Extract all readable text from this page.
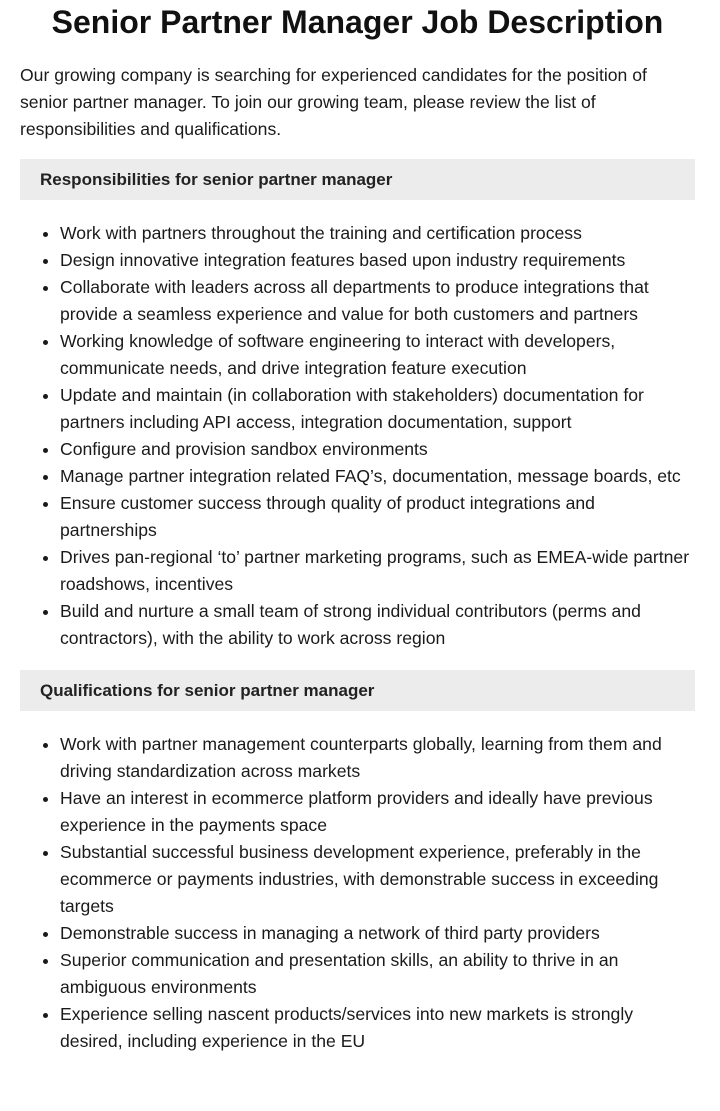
Senior Partner Manager Job Description

Our growing company is searching for experienced candidates for the position of senior partner manager. To join our growing team, please review the list of responsibilities and qualifications.

Responsibilities for senior partner manager
• Work with partners throughout the training and certification process
• Design innovative integration features based upon industry requirements
• Collaborate with leaders across all departments to produce integrations that provide a seamless experience and value for both customers and partners
• Working knowledge of software engineering to interact with developers, communicate needs, and drive integration feature execution
• Update and maintain (in collaboration with stakeholders) documentation for partners including API access, integration documentation, support
• Configure and provision sandbox environments
• Manage partner integration related FAQ’s, documentation, message boards, etc
• Ensure customer success through quality of product integrations and partnerships
• Drives pan-regional ‘to’ partner marketing programs, such as EMEA-wide partner roadshows, incentives
• Build and nurture a small team of strong individual contributors (perms and contractors), with the ability to work across region
Qualifications for senior partner manager
• Work with partner management counterparts globally, learning from them and driving standardization across markets
• Have an interest in ecommerce platform providers and ideally have previous experience in the payments space
• Substantial successful business development experience, preferably in the ecommerce or payments industries, with demonstrable success in exceeding targets
• Demonstrable success in managing a network of third party providers
• Superior communication and presentation skills, an ability to thrive in an ambiguous environments
• Experience selling nascent products/services into new markets is strongly desired, including experience in the EU
